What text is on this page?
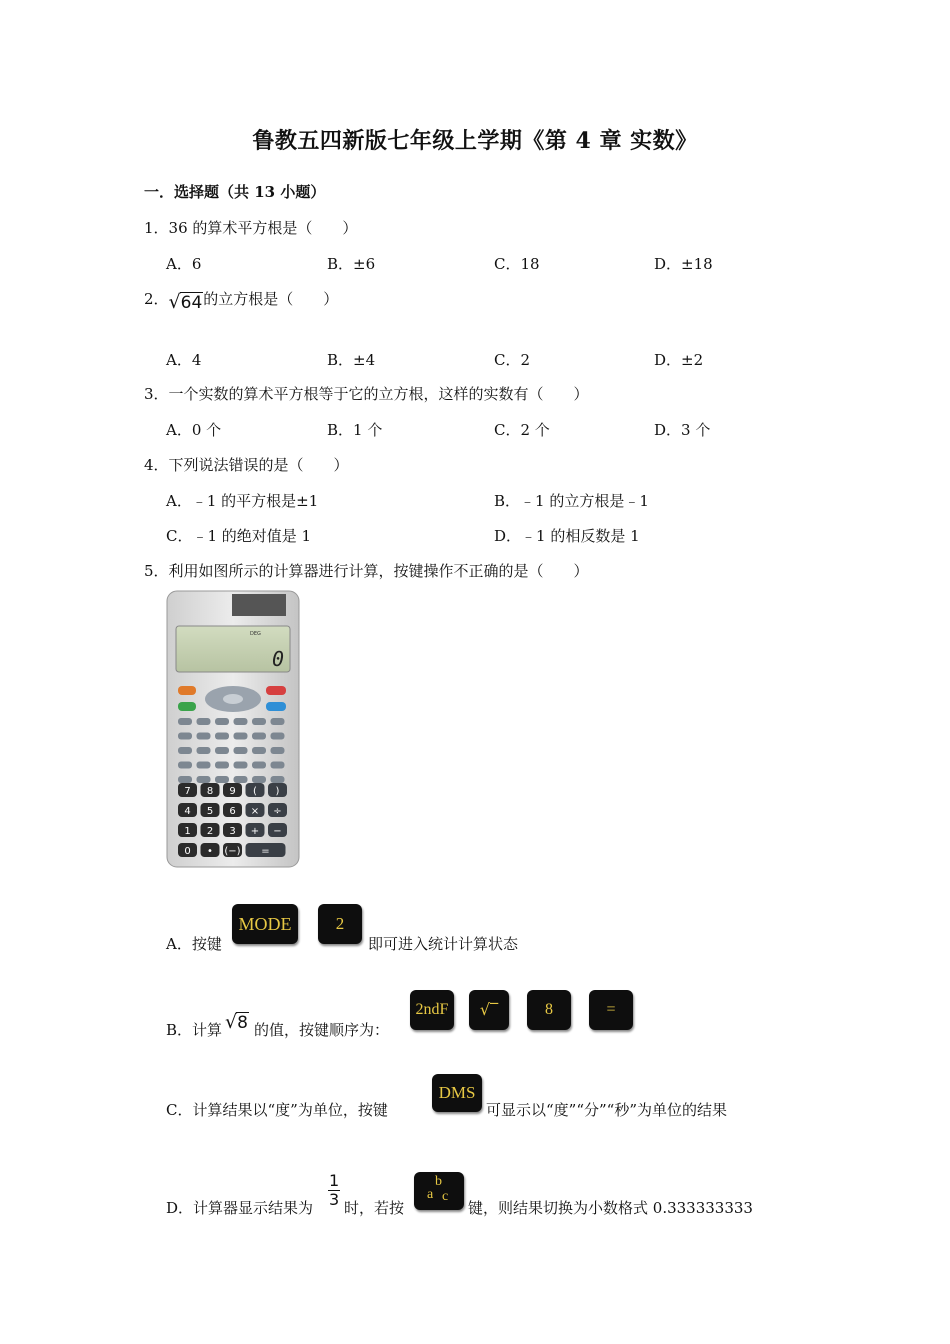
鲁教五四新版七年级上学期《第 4 章 实数》
一．选择题（共 13 小题）
1．36 的算术平方根是（　　）
A．6	B．±6	C．18	D．±18
2．√64的立方根是（　　）
A．4	B．±4	C．2	D．±2
3．一个实数的算术平方根等于它的立方根，这样的实数有（　　）
A．0 个	B．1 个	C．2 个	D．3 个
4．下列说法错误的是（　　）
A．﹣1 的平方根是±1	B．﹣1 的立方根是﹣1
C．﹣1 的绝对值是 1	D．﹣1 的相反数是 1
5．利用如图所示的计算器进行计算，按键操作不正确的是（　　）
DEG
0
7 8 9 ( )
4 5 6 × ÷
1 2 3 + −
0 • (−) =
A．按键
MODE	2
即可进入统计计算状态
B．计算 √8 的值，按键顺序为：
2ndF	√‾	8	=
C．计算结果以“度”为单位，按键
DMS
可显示以“度”“分”“秒”为单位的结果
D．计算器显示结果为 $\frac{1}{3}$ 时，若按
b
a c
键，则结果切换为小数格式 0.333333333
